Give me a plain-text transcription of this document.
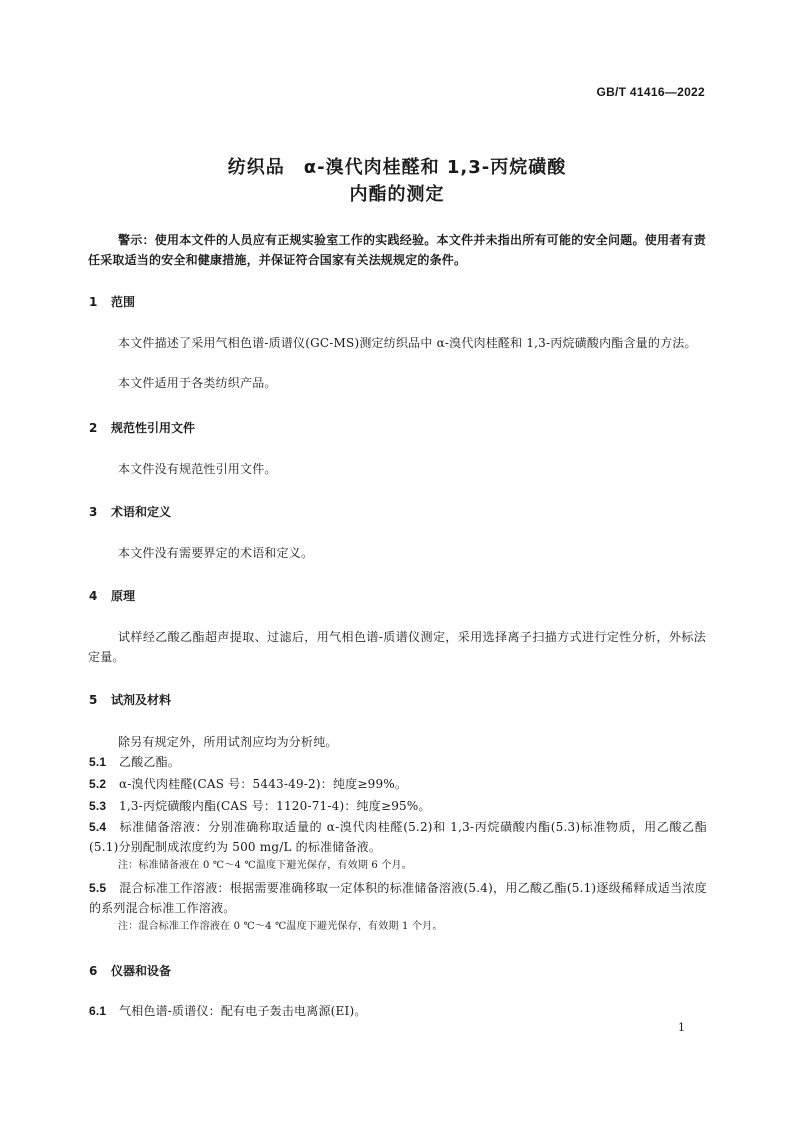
GB/T 41416—2022
纺织品　α-溴代肉桂醛和 1,3-丙烷磺酸
内酯的测定
警示：使用本文件的人员应有正规实验室工作的实践经验。本文件并未指出所有可能的安全问题。使用者有责任采取适当的安全和健康措施，并保证符合国家有关法规规定的条件。
1 范围
本文件描述了采用气相色谱-质谱仪(GC-MS)测定纺织品中 α-溴代肉桂醛和 1,3-丙烷磺酸内酯含量的方法。
本文件适用于各类纺织产品。
2 规范性引用文件
本文件没有规范性引用文件。
3 术语和定义
本文件没有需要界定的术语和定义。
4 原理
试样经乙酸乙酯超声提取、过滤后，用气相色谱-质谱仪测定，采用选择离子扫描方式进行定性分析，外标法定量。
5 试剂及材料
除另有规定外，所用试剂应均为分析纯。
5.1 乙酸乙酯。
5.2 α-溴代肉桂醛(CAS 号：5443-49-2)：纯度≥99%。
5.3 1,3-丙烷磺酸内酯(CAS 号：1120-71-4)：纯度≥95%。
5.4 标准储备溶液：分别准确称取适量的 α-溴代肉桂醛(5.2)和 1,3-丙烷磺酸内酯(5.3)标准物质，用乙酸乙酯(5.1)分别配制成浓度约为 500 mg/L 的标准储备液。
注：标准储备液在 0 ℃～4 ℃温度下避光保存，有效期 6 个月。
5.5 混合标准工作溶液：根据需要准确移取一定体积的标准储备溶液(5.4)，用乙酸乙酯(5.1)逐级稀释成适当浓度的系列混合标准工作溶液。
注：混合标准工作溶液在 0 ℃～4 ℃温度下避光保存，有效期 1 个月。
6 仪器和设备
6.1 气相色谱-质谱仪：配有电子轰击电离源(EI)。
1
